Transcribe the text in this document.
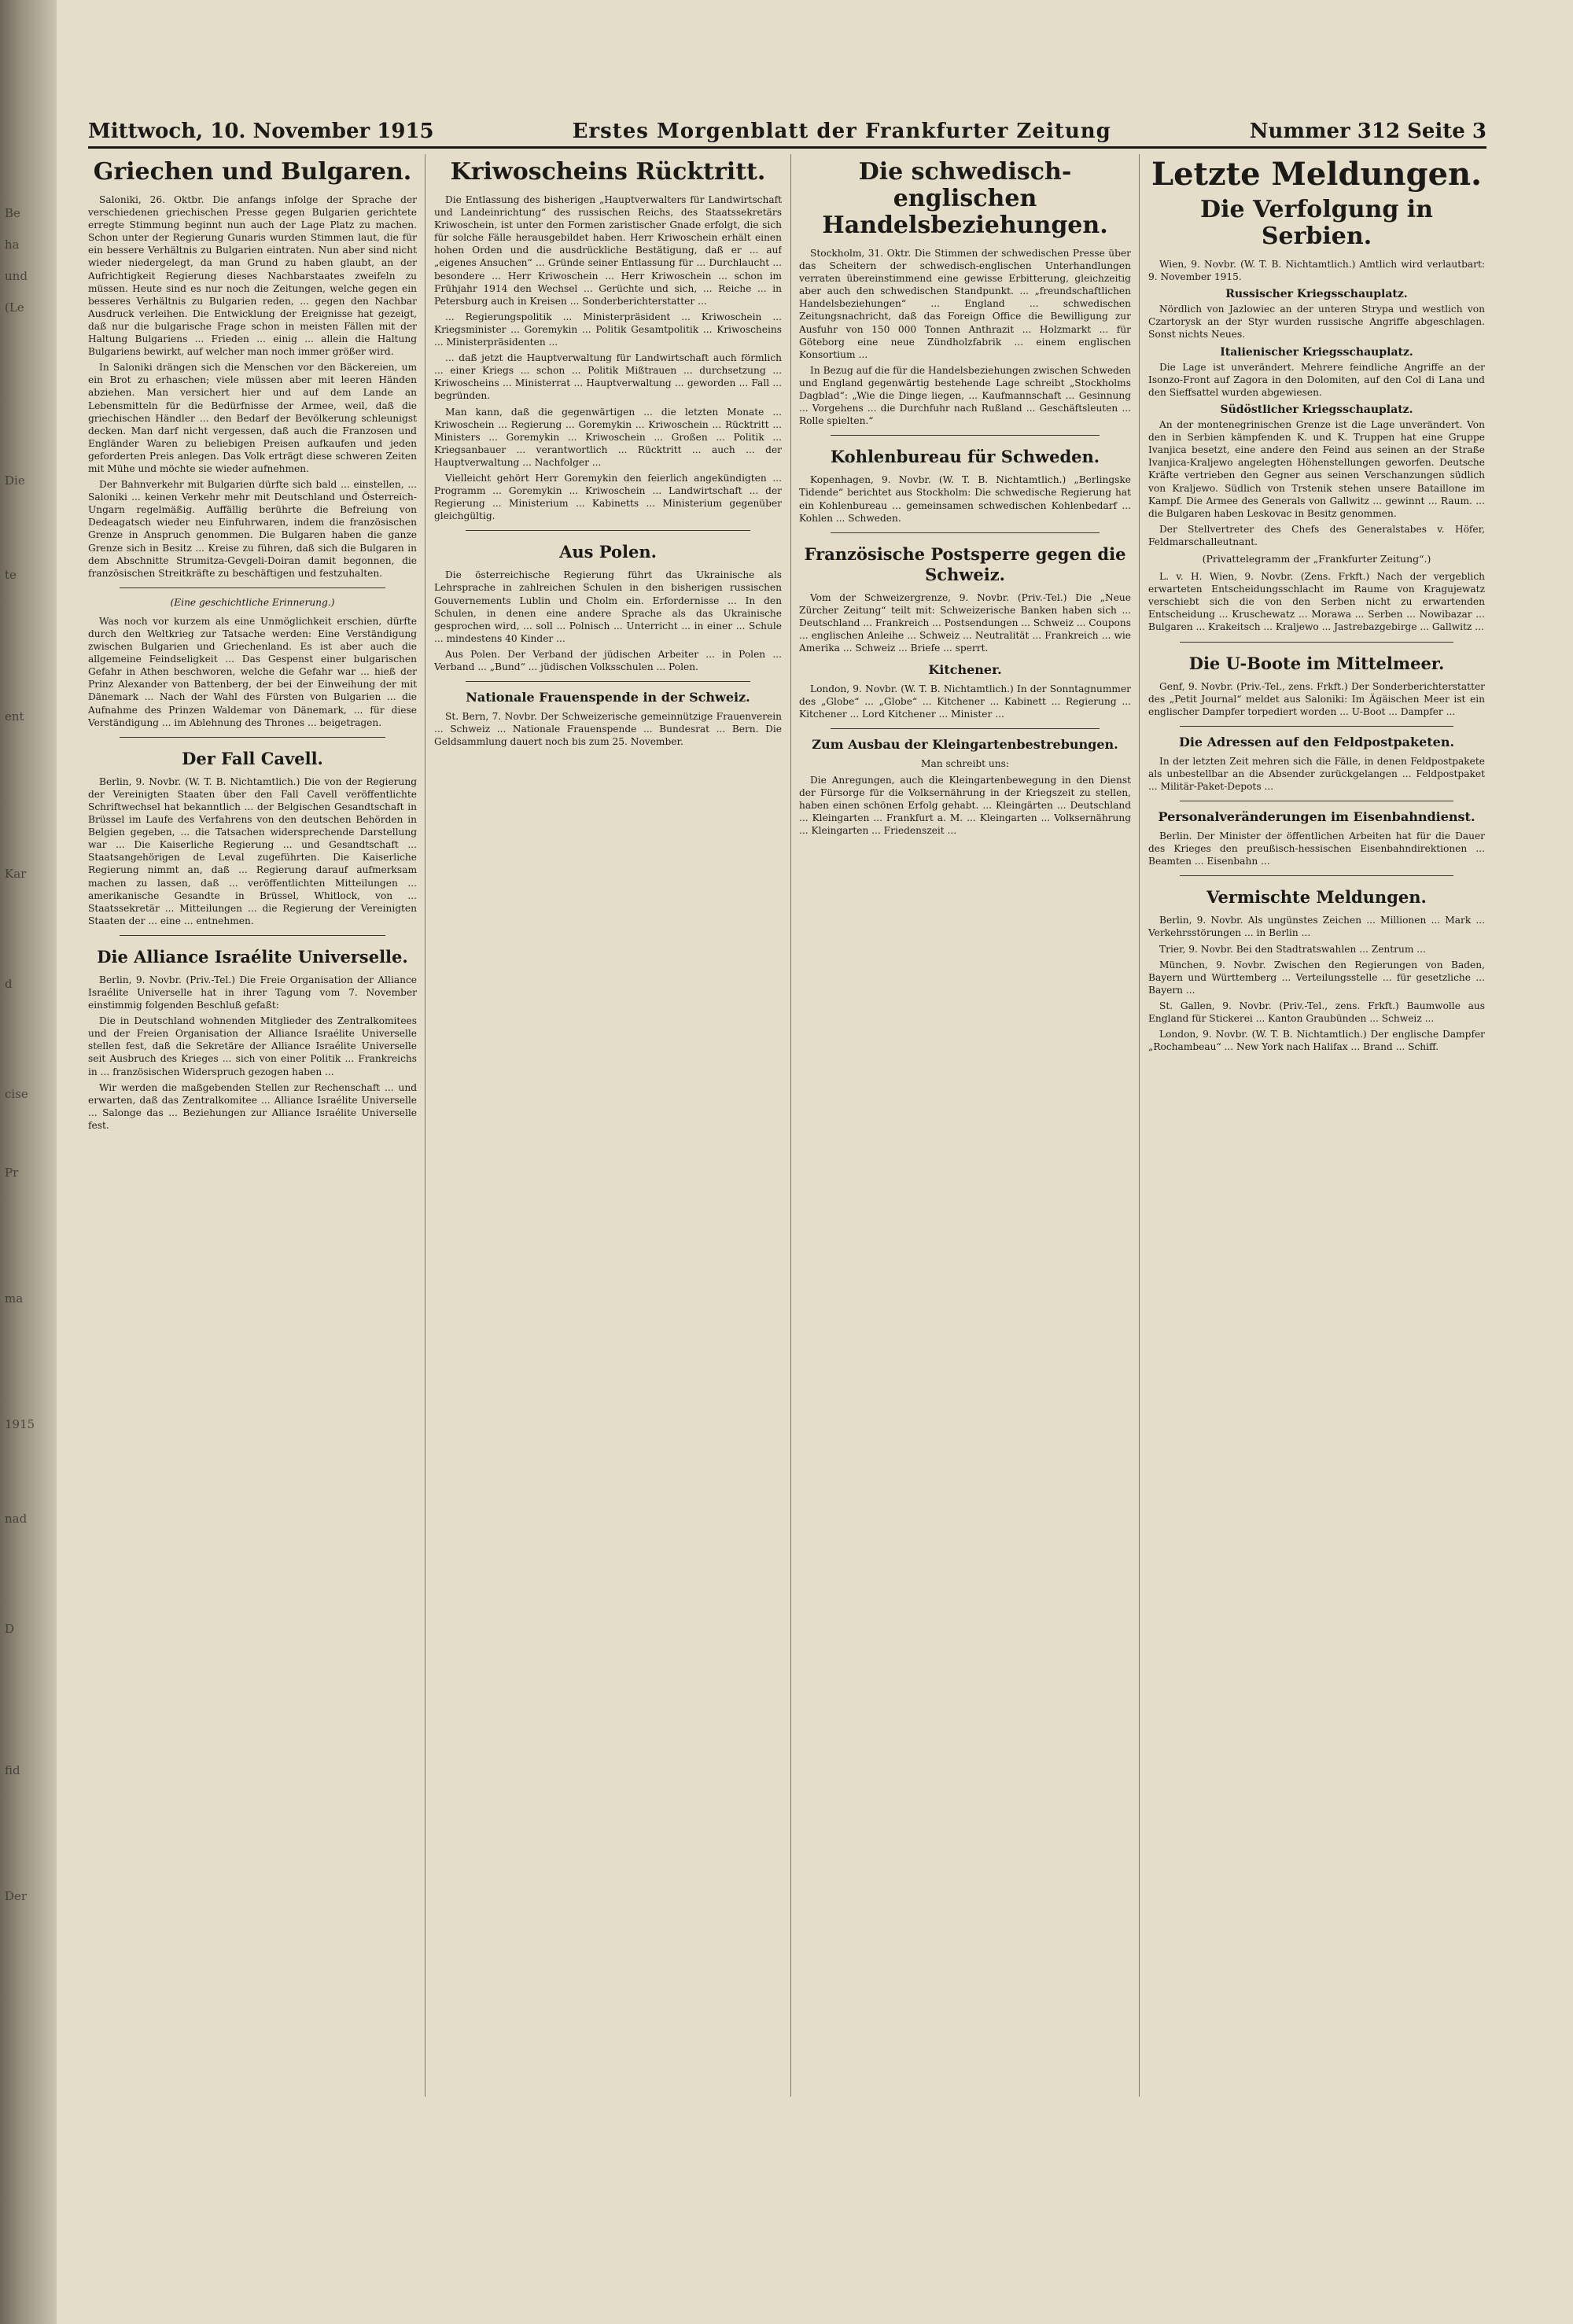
Be
ha
und
(Le
Die
te
ent
Kar
d
cise
Pr
ma
1915
nad
D
fid
Der
Mittwoch, 10. November 1915	Erstes Morgenblatt der Frankfurter Zeitung	Nummer 312 Seite 3
Griechen und Bulgaren.

Saloniki, 26. Oktbr. Die anfangs infolge der Sprache der verschiedenen griechischen Presse gegen Bulgarien gerichtete erregte Stimmung beginnt nun auch der Lage Platz zu machen. Schon unter der Regierung Gunaris wurden Stimmen laut, die für ein bessere Verhältnis zu Bulgarien eintraten. Nun aber sind nicht wieder niedergelegt, da man Grund zu haben glaubt, an der Aufrichtigkeit Regierung dieses Nachbarstaates zweifeln zu müssen. Heute sind es nur noch die Zeitungen, welche gegen ein besseres Verhältnis zu Bulgarien reden, ... gegen den Nachbar Ausdruck verleihen. Die Entwicklung der Ereignisse hat gezeigt, daß nur die bulgarische Frage schon in meisten Fällen mit der Haltung Bulgariens ... Frieden ... einig ... allein die Haltung Bulgariens bewirkt, auf welcher man noch immer größer wird.

In Saloniki drängen sich die Menschen vor den Bäckereien, um ein Brot zu erhaschen; viele müssen aber mit leeren Händen abziehen. Man versichert hier und auf dem Lande an Lebensmitteln für die Bedürfnisse der Armee, weil, daß die griechischen Händler ... den Bedarf der Bevölkerung schleunigst decken. Man darf nicht vergessen, daß auch die Franzosen und Engländer Waren zu beliebigen Preisen aufkaufen und jeden geforderten Preis anlegen. Das Volk erträgt diese schweren Zeiten mit Mühe und möchte sie wieder aufnehmen.

Der Bahnverkehr mit Bulgarien dürfte sich bald ... einstellen, ... Saloniki ... keinen Verkehr mehr mit Deutschland und Österreich-Ungarn regelmäßig. Auffällig berührte die Befreiung von Dedeagatsch wieder neu Einfuhrwaren, indem die französischen Grenze in Anspruch genommen. Die Bulgaren haben die ganze Grenze sich in Besitz ... Kreise zu führen, daß sich die Bulgaren in dem Abschnitte Strumitza-Gevgeli-Doiran damit begonnen, die französischen Streitkräfte zu beschäftigen und festzuhalten.

(Eine geschichtliche Erinnerung.)

Was noch vor kurzem als eine Unmöglichkeit erschien, dürfte durch den Weltkrieg zur Tatsache werden: Eine Verständigung zwischen Bulgarien und Griechenland. Es ist aber auch die allgemeine Feindseligkeit ... Das Gespenst einer bulgarischen Gefahr in Athen beschworen, welche die Gefahr war ... hieß der Prinz Alexander von Battenberg, der bei der Einweihung der mit Dänemark ... Nach der Wahl des Fürsten von Bulgarien ... die Aufnahme des Prinzen Waldemar von Dänemark, ... für diese Verständigung ... im Ablehnung des Thrones ... beigetragen.

Der Fall Cavell.

Berlin, 9. Novbr. (W. T. B. Nichtamtlich.) Die von der Regierung der Vereinigten Staaten über den Fall Cavell veröffentlichte Schriftwechsel hat bekanntlich ... der Belgischen Gesandtschaft in Brüssel im Laufe des Verfahrens von den deutschen Behörden in Belgien gegeben, ... die Tatsachen widersprechende Darstellung war ... Die Kaiserliche Regierung ... und Gesandtschaft ... Staatsangehörigen de Leval zugeführten. Die Kaiserliche Regierung nimmt an, daß ... Regierung darauf aufmerksam machen zu lassen, daß ... veröffentlichten Mitteilungen ... amerikanische Gesandte in Brüssel, Whitlock, von ... Staatssekretär ... Mitteilungen ... die Regierung der Vereinigten Staaten der ... eine ... entnehmen.

Die Alliance Israélite Universelle.

Berlin, 9. Novbr. (Priv.-Tel.) Die Freie Organisation der Alliance Israélite Universelle hat in ihrer Tagung vom 7. November einstimmig folgenden Beschluß gefaßt:

Die in Deutschland wohnenden Mitglieder des Zentralkomitees und der Freien Organisation der Alliance Israélite Universelle stellen fest, daß die Sekretäre der Alliance Israélite Universelle seit Ausbruch des Krieges ... sich von einer Politik ... Frankreichs in ... französischen Widerspruch gezogen haben ...

Wir werden die maßgebenden Stellen zur Rechenschaft ... und erwarten, daß das Zentralkomitee ... Alliance Israélite Universelle ... Salonge das ... Beziehungen zur Alliance Israélite Universelle fest.

Kriwoscheins Rücktritt.

Die Entlassung des bisherigen „Hauptverwalters für Landwirtschaft und Landeinrichtung“ des russischen Reichs, des Staatssekretärs Kriwoschein, ist unter den Formen zaristischer Gnade erfolgt, die sich für solche Fälle herausgebildet haben. Herr Kriwoschein erhält einen hohen Orden und die ausdrückliche Bestätigung, daß er ... auf „eigenes Ansuchen“ ... Gründe seiner Entlassung für ... Durchlaucht ... besondere ... Herr Kriwoschein ... Herr Kriwoschein ... schon im Frühjahr 1914 den Wechsel ... Gerüchte und sich, ... Reiche ... in Petersburg auch in Kreisen ... Sonderberichterstatter ...

... Regierungspolitik ... Ministerpräsident ... Kriwoschein ... Kriegsminister ... Goremykin ... Politik Gesamtpolitik ... Kriwoscheins ... Ministerpräsidenten ...

... daß jetzt die Hauptverwaltung für Landwirtschaft auch förmlich ... einer Kriegs ... schon ... Politik Mißtrauen ... durchsetzung ... Kriwoscheins ... Ministerrat ... Hauptverwaltung ... geworden ... Fall ... begründen.

Man kann, daß die gegenwärtigen ... die letzten Monate ... Kriwoschein ... Regierung ... Goremykin ... Kriwoschein ... Rücktritt ... Ministers ... Goremykin ... Kriwoschein ... Großen ... Politik ... Kriegsanbauer ... verantwortlich ... Rücktritt ... auch ... der Hauptverwaltung ... Nachfolger ...

Vielleicht gehört Herr Goremykin den feierlich angekündigten ... Programm ... Goremykin ... Kriwoschein ... Landwirtschaft ... der Regierung ... Ministerium ... Kabinetts ... Ministerium gegenüber gleichgültig.

Aus Polen.

Die österreichische Regierung führt das Ukrainische als Lehrsprache in zahlreichen Schulen in den bisherigen russischen Gouvernements Lublin und Cholm ein. Erfordernisse ... In den Schulen, in denen eine andere Sprache als das Ukrainische gesprochen wird, ... soll ... Polnisch ... Unterricht ... in einer ... Schule ... mindestens 40 Kinder ...

Aus Polen. Der Verband der jüdischen Arbeiter ... in Polen ... Verband ... „Bund“ ... jüdischen Volksschulen ... Polen.

Nationale Frauenspende in der Schweiz.

St. Bern, 7. Novbr. Der Schweizerische gemeinnützige Frauenverein ... Schweiz ... Nationale Frauenspende ... Bundesrat ... Bern. Die Geldsammlung dauert noch bis zum 25. November.

Die schwedisch-englischen Handelsbeziehungen.

Stockholm, 31. Oktr. Die Stimmen der schwedischen Presse über das Scheitern der schwedisch-englischen Unterhandlungen verraten übereinstimmend eine gewisse Erbitterung, gleichzeitig aber auch den schwedischen Standpunkt. ... „freundschaftlichen Handelsbeziehungen“ ... England ... schwedischen Zeitungsnachricht, daß das Foreign Office die Bewilligung zur Ausfuhr von 150 000 Tonnen Anthrazit ... Holzmarkt ... für Göteborg eine neue Zündholzfabrik ... einem englischen Konsortium ...

In Bezug auf die für die Handelsbeziehungen zwischen Schweden und England gegenwärtig bestehende Lage schreibt „Stockholms Dagblad“: „Wie die Dinge liegen, ... Kaufmannschaft ... Gesinnung ... Vorgehens ... die Durchfuhr nach Rußland ... Geschäftsleuten ... Rolle spielten.“

Kohlenbureau für Schweden.

Kopenhagen, 9. Novbr. (W. T. B. Nichtamtlich.) „Berlingske Tidende“ berichtet aus Stockholm: Die schwedische Regierung hat ein Kohlenbureau ... gemeinsamen schwedischen Kohlenbedarf ... Kohlen ... Schweden.

Französische Postsperre gegen die Schweiz.

Vom der Schweizergrenze, 9. Novbr. (Priv.-Tel.) Die „Neue Zürcher Zeitung“ teilt mit: Schweizerische Banken haben sich ... Deutschland ... Frankreich ... Postsendungen ... Schweiz ... Coupons ... englischen Anleihe ... Schweiz ... Neutralität ... Frankreich ... wie Amerika ... Schweiz ... Briefe ... sperrt.

Kitchener.

London, 9. Novbr. (W. T. B. Nichtamtlich.) In der Sonntagnummer des „Globe“ ... „Globe“ ... Kitchener ... Kabinett ... Regierung ... Kitchener ... Lord Kitchener ... Minister ...

Zum Ausbau der Kleingartenbestrebungen.

Man schreibt uns:

Die Anregungen, auch die Kleingartenbewegung in den Dienst der Fürsorge für die Volksernährung in der Kriegszeit zu stellen, haben einen schönen Erfolg gehabt. ... Kleingärten ... Deutschland ... Kleingarten ... Frankfurt a. M. ... Kleingarten ... Volksernährung ... Kleingarten ... Friedenszeit ...

Letzte Meldungen.
Die Verfolgung in Serbien.

Wien, 9. Novbr. (W. T. B. Nichtamtlich.) Amtlich wird verlautbart: 9. November 1915.

Russischer Kriegsschauplatz.

Nördlich von Jazlowiec an der unteren Strypa und westlich von Czartorysk an der Styr wurden russische Angriffe abgeschlagen. Sonst nichts Neues.

Italienischer Kriegsschauplatz.

Die Lage ist unverändert. Mehrere feindliche Angriffe an der Isonzo-Front auf Zagora in den Dolomiten, auf den Col di Lana und den Sieffsattel wurden abgewiesen.

Südöstlicher Kriegsschauplatz.

An der montenegrinischen Grenze ist die Lage unverändert. Von den in Serbien kämpfenden K. und K. Truppen hat eine Gruppe Ivanjica besetzt, eine andere den Feind aus seinen an der Straße Ivanjica-Kraljewo angelegten Höhenstellungen geworfen. Deutsche Kräfte vertrieben den Gegner aus seinen Verschanzungen südlich von Kraljewo. Südlich von Trstenik stehen unsere Bataillone im Kampf. Die Armee des Generals von Gallwitz ... gewinnt ... Raum. ... die Bulgaren haben Leskovac in Besitz genommen.

Der Stellvertreter des Chefs des Generalstabes v. Höfer, Feldmarschalleutnant.

(Privattelegramm der „Frankfurter Zeitung“.)

L. v. H. Wien, 9. Novbr. (Zens. Frkft.) Nach der vergeblich erwarteten Entscheidungsschlacht im Raume von Kragujewatz verschiebt sich die von den Serben nicht zu erwartenden Entscheidung ... Kruschewatz ... Morawa ... Serben ... Nowibazar ... Bulgaren ... Krakeitsch ... Kraljewo ... Jastrebazgebirge ... Gallwitz ...

Die U-Boote im Mittelmeer.

Genf, 9. Novbr. (Priv.-Tel., zens. Frkft.) Der Sonderberichterstatter des „Petit Journal“ meldet aus Saloniki: Im Ägäischen Meer ist ein englischer Dampfer torpediert worden ... U-Boot ... Dampfer ...

Die Adressen auf den Feldpostpaketen.

In der letzten Zeit mehren sich die Fälle, in denen Feldpostpakete als unbestellbar an die Absender zurückgelangen ... Feldpostpaket ... Militär-Paket-Depots ...

Personalveränderungen im Eisenbahndienst.

Berlin. Der Minister der öffentlichen Arbeiten hat für die Dauer des Krieges den preußisch-hessischen Eisenbahndirektionen ... Beamten ... Eisenbahn ...

Vermischte Meldungen.

Berlin, 9. Novbr. Als ungünstes Zeichen ... Millionen ... Mark ... Verkehrsstörungen ... in Berlin ...

Trier, 9. Novbr. Bei den Stadtratswahlen ... Zentrum ...

München, 9. Novbr. Zwischen den Regierungen von Baden, Bayern und Württemberg ... Verteilungsstelle ... für gesetzliche ... Bayern ...

St. Gallen, 9. Novbr. (Priv.-Tel., zens. Frkft.) Baumwolle aus England für Stickerei ... Kanton Graubünden ... Schweiz ...

London, 9. Novbr. (W. T. B. Nichtamtlich.) Der englische Dampfer „Rochambeau“ ... New York nach Halifax ... Brand ... Schiff.
